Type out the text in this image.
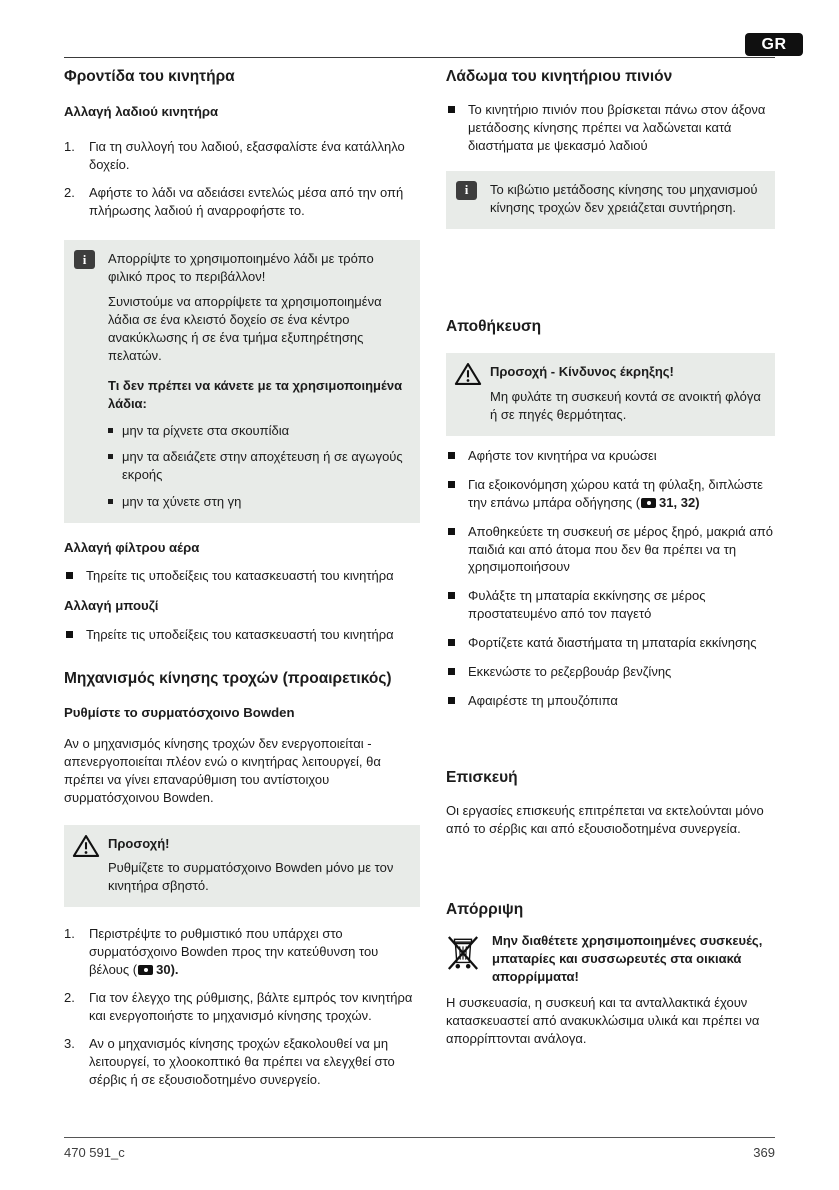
GR
Φροντίδα του κινητήρα
Αλλαγή λαδιού κινητήρα
1.	Για τη συλλογή του λαδιού, εξασφαλίστε ένα κατάλληλο δοχείο.
2.	Αφήστε το λάδι να αδειάσει εντελώς μέσα από την οπή πλήρωσης λαδιού ή αναρροφήστε το.
i	Απορρίψτε το χρησιμοποιημένο λάδι με τρόπο φιλικό προς το περιβάλλον!

Συνιστούμε να απορρίψετε τα χρησιμοποιημένα λάδια σε ένα κλειστό δοχείο σε ένα κέντρο ανακύκλωσης ή σε ένα τμήμα εξυπηρέτησης πελατών.

Τι δεν πρέπει να κάνετε με τα χρησιμοποιημένα λάδια:

μην τα ρίχνετε στα σκουπίδια
μην τα αδειάζετε στην αποχέτευση ή σε αγωγούς εκροής
μην τα χύνετε στη γη
Αλλαγή φίλτρου αέρα
Τηρείτε τις υποδείξεις του κατασκευαστή του κινητήρα
Αλλαγή μπουζί
Τηρείτε τις υποδείξεις του κατασκευαστή του κινητήρα
Μηχανισμός κίνησης τροχών (προαιρετικός)
Ρυθμίστε το συρματόσχοινο Bowden

Αν ο μηχανισμός κίνησης τροχών δεν ενεργοποιείται - απενεργοποιείται πλέον ενώ ο κινητήρας λειτουργεί, θα πρέπει να γίνει επαναρύθμιση του αντίστοιχου συρματόσχοινου Bowden.

Προσοχή!

Ρυθμίζετε το συρματόσχοινο Bowden μόνο με τον κινητήρα σβηστό.

1.	Περιστρέψτε το ρυθμιστικό που υπάρχει στο συρματόσχοινο Bowden προς την κατεύθυνση του βέλους ( 30).
2.	Για τον έλεγχο της ρύθμισης, βάλτε εμπρός τον κινητήρα και ενεργοποιήστε το μηχανισμό κίνησης τροχών.
3.	Αν ο μηχανισμός κίνησης τροχών εξακολουθεί να μη λειτουργεί, το χλοοκοπτικό θα πρέπει να ελεγχθεί στο σέρβις ή σε εξουσιοδοτημένο συνεργείο.
Λάδωμα του κινητήριου πινιόν
Το κινητήριο πινιόν που βρίσκεται πάνω στον άξονα μετάδοσης κίνησης πρέπει να λαδώνεται κατά διαστήματα με ψεκασμό λαδιού
i	Το κιβώτιο μετάδοσης κίνησης του μηχανισμού κίνησης τροχών δεν χρειάζεται συντήρηση.

Αποθήκευση

Προσοχή - Κίνδυνος έκρηξης!

Μη φυλάτε τη συσκευή κοντά σε ανοικτή φλόγα ή σε πηγές θερμότητας.

Αφήστε τον κινητήρα να κρυώσει
Για εξοικονόμηση χώρου κατά τη φύλαξη, διπλώστε την επάνω μπάρα οδήγησης ( 31, 32)
Αποθηκεύετε τη συσκευή σε μέρος ξηρό, μακριά από παιδιά και από άτομα που δεν θα πρέπει να τη χρησιμοποιήσουν
Φυλάξτε τη μπαταρία εκκίνησης σε μέρος προστατευμένο από τον παγετό
Φορτίζετε κατά διαστήματα τη μπαταρία εκκίνησης
Εκκενώστε το ρεζερβουάρ βενζίνης
Αφαιρέστε τη μπουζόπιπα
Επισκευή

Οι εργασίες επισκευής επιτρέπεται να εκτελούνται μόνο από το σέρβις και από εξουσιοδοτημένα συνεργεία.

Απόρριψη

Μην διαθέτετε χρησιμοποιημένες συσκευές, μπαταρίες και συσσωρευτές στα οικιακά απορρίμματα!

Η συσκευασία, η συσκευή και τα ανταλλακτικά έχουν κατασκευαστεί από ανακυκλώσιμα υλικά και πρέπει να απορρίπτονται ανάλογα.

470 591_c	369
